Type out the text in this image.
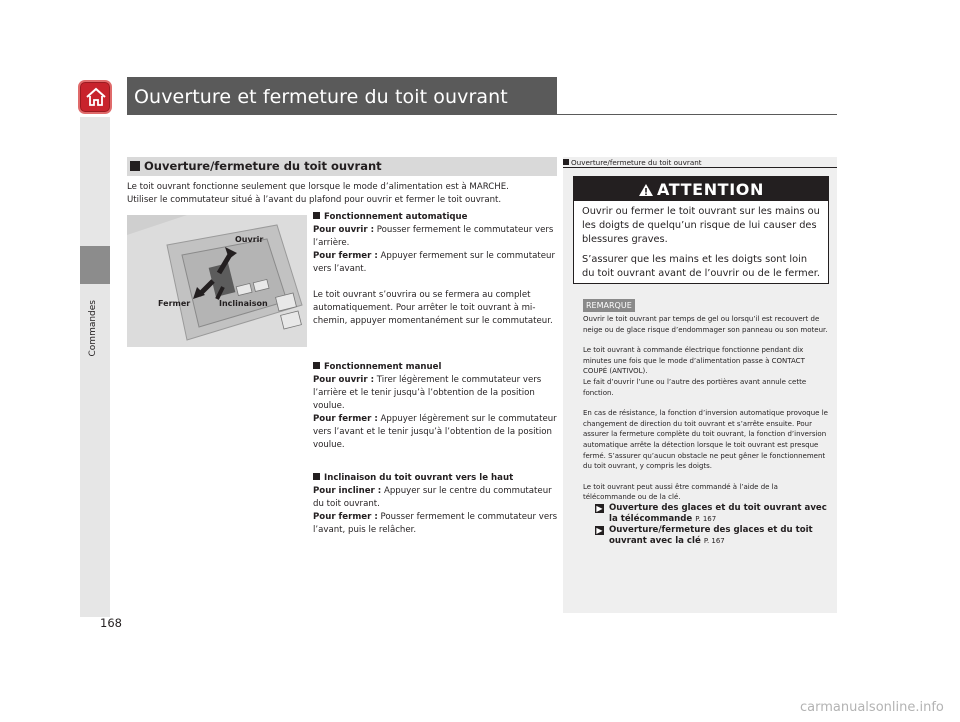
Commandes
Ouverture et fermeture du toit ouvrant
Ouverture/fermeture du toit ouvrant

Le toit ouvrant fonctionne seulement que lorsque le mode d’alimentation est à MARCHE.

Utiliser le commutateur situé à l’avant du plafond pour ouvrir et fermer le toit ouvrant.

Ouvrir
Fermer	Inclinaison

Fonctionnement automatique

Pour ouvrir : Pousser fermement le commutateur vers l’arrière.

Pour fermer : Appuyer fermement sur le commutateur vers l’avant.

Le toit ouvrant s’ouvrira ou se fermera au complet automatiquement. Pour arrêter le toit ouvrant à mi-chemin, appuyer momentanément sur le commutateur.

Fonctionnement manuel

Pour ouvrir : Tirer légèrement le commutateur vers l’arrière et le tenir jusqu’à l’obtention de la position voulue.

Pour fermer : Appuyer légèrement sur le commutateur vers l’avant et le tenir jusqu’à l’obtention de la position voulue.

Inclinaison du toit ouvrant vers le haut

Pour incliner : Appuyer sur le centre du commutateur du toit ouvrant.

Pour fermer : Pousser fermement le commutateur vers l’avant, puis le relâcher.

Ouverture/fermeture du toit ouvrant
ATTENTION

Ouvrir ou fermer le toit ouvrant sur les mains ou les doigts de quelqu’un risque de lui causer des blessures graves.

S’assurer que les mains et les doigts sont loin du toit ouvrant avant de l’ouvrir ou de le fermer.

REMARQUE

Ouvrir le toit ouvrant par temps de gel ou lorsqu’il est recouvert de neige ou de glace risque d’endommager son panneau ou son moteur.

Le toit ouvrant à commande électrique fonctionne pendant dix minutes une fois que le mode d’alimentation passe à CONTACT COUPÉ (ANTIVOL).

Le fait d’ouvrir l’une ou l’autre des portières avant annule cette fonction.

En cas de résistance, la fonction d’inversion automatique provoque le changement de direction du toit ouvrant et s’arrête ensuite. Pour assurer la fermeture complète du toit ouvrant, la fonction d’inversion automatique arrête la détection lorsque le toit ouvrant est presque fermé. S’assurer qu’aucun obstacle ne peut gêner le fonctionnement du toit ouvrant, y compris les doigts.

Le toit ouvrant peut aussi être commandé à l’aide de la télécommande ou de la clé.

▶ Ouverture des glaces et du toit ouvrant avec la télécommande P. 167

▶ Ouverture/fermeture des glaces et du toit ouvrant avec la clé P. 167

168
carmanualsonline.info
